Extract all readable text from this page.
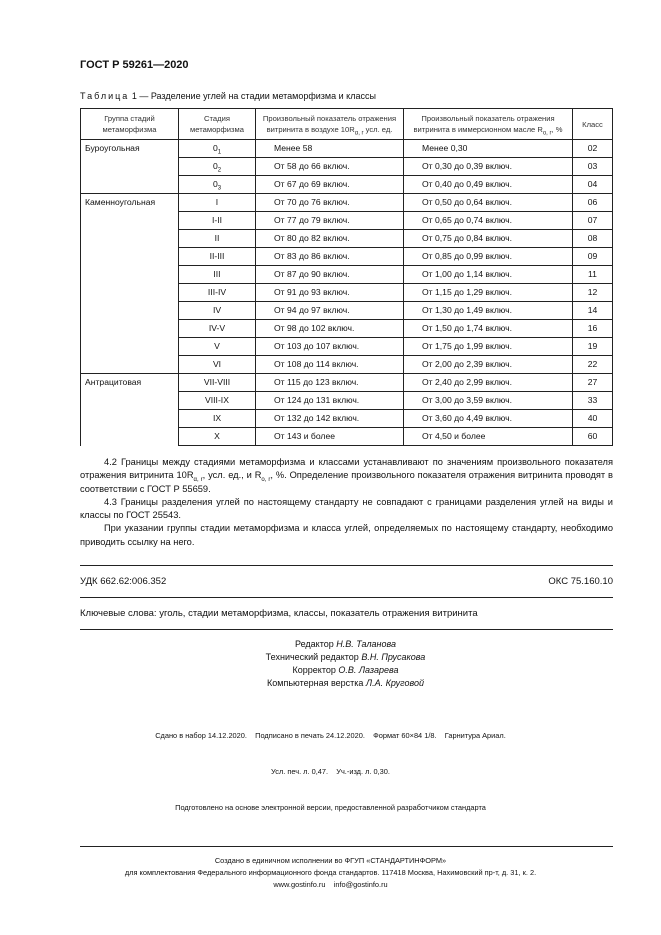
ГОСТ Р 59261—2020
Таблица 1 — Разделение углей на стадии метаморфизма и классы
Группа стадий метаморфизма	Стадия метаморфизма	Произвольный показатель отражения витринита в воздухе $10R_{\alpha, r}$ усл. ед.	Произвольный показатель отражения витринита в иммерсионном масле $R_{o, r}$, %	Класс
Буроугольная	$0_1$	Менее 58	Менее 0,30	02
	$0_2$	От 58 до 66 включ.	От 0,30 до 0,39 включ.	03
	$0_3$	От 67 до 69 включ.	От 0,40 до 0,49 включ.	04
Каменноугольная	I	От 70 до 76 включ.	От 0,50 до 0,64 включ.	06
	I-II	От 77 до 79 включ.	От 0,65 до 0,74 включ.	07
	II	От 80 до 82 включ.	От 0,75 до 0,84 включ.	08
	II-III	От 83 до 86 включ.	От 0,85 до 0,99 включ.	09
	III	От 87 до 90 включ.	От 1,00 до 1,14 включ.	11
	III-IV	От 91 до 93 включ.	От 1,15 до 1,29 включ.	12
	IV	От 94 до 97 включ.	От 1,30 до 1,49 включ.	14
	IV-V	От 98 до 102 включ.	От 1,50 до 1,74 включ.	16
	V	От 103 до 107 включ.	От 1,75 до 1,99 включ.	19
	VI	От 108 до 114 включ.	От 2,00 до 2,39 включ.	22
Антрацитовая	VII-VIII	От 115 до 123 включ.	От 2,40 до 2,99 включ.	27
	VIII-IX	От 124 до 131 включ.	От 3,00 до 3,59 включ.	33
	IX	От 132 до 142 включ.	От 3,60 до 4,49 включ.	40
	X	От 143 и более	От 4,50 и более	60

4.2 Границы между стадиями метаморфизма и классами устанавливают по значениям произвольного показателя отражения витринита $10R_{\alpha, r}$, усл. ед., и $R_{o, r}$, %. Определение произвольного показателя отражения витринита проводят в соответствии с ГОСТ Р 55659.

4.3 Границы разделения углей по настоящему стандарту не совпадают с границами разделения углей на виды и классы по ГОСТ 25543.

При указании группы стадии метаморфизма и класса углей, определяемых по настоящему стандарту, необходимо приводить ссылку на него.

УДК 662.62:006.352	ОКС 75.160.10
Ключевые слова: уголь, стадии метаморфизма, классы, показатель отражения витринита
Редактор Н.В. Таланова
Технический редактор В.Н. Прусакова
Корректор О.В. Лазарева
Компьютерная верстка Л.А. Круговой

Сдано в набор 14.12.2020.    Подписано в печать 24.12.2020.    Формат 60×84 1/8.    Гарнитура Ариал.

Усл. печ. л. 0,47.    Уч.-изд. л. 0,30.

Подготовлено на основе электронной версии, предоставленной разработчиком стандарта

Создано в единичном исполнении во ФГУП «СТАНДАРТИНФОРМ»
для комплектования Федерального информационного фонда стандартов. 117418 Москва, Нахимовский пр-т, д. 31, к. 2.
www.gostinfo.ru info@gostinfo.ru
